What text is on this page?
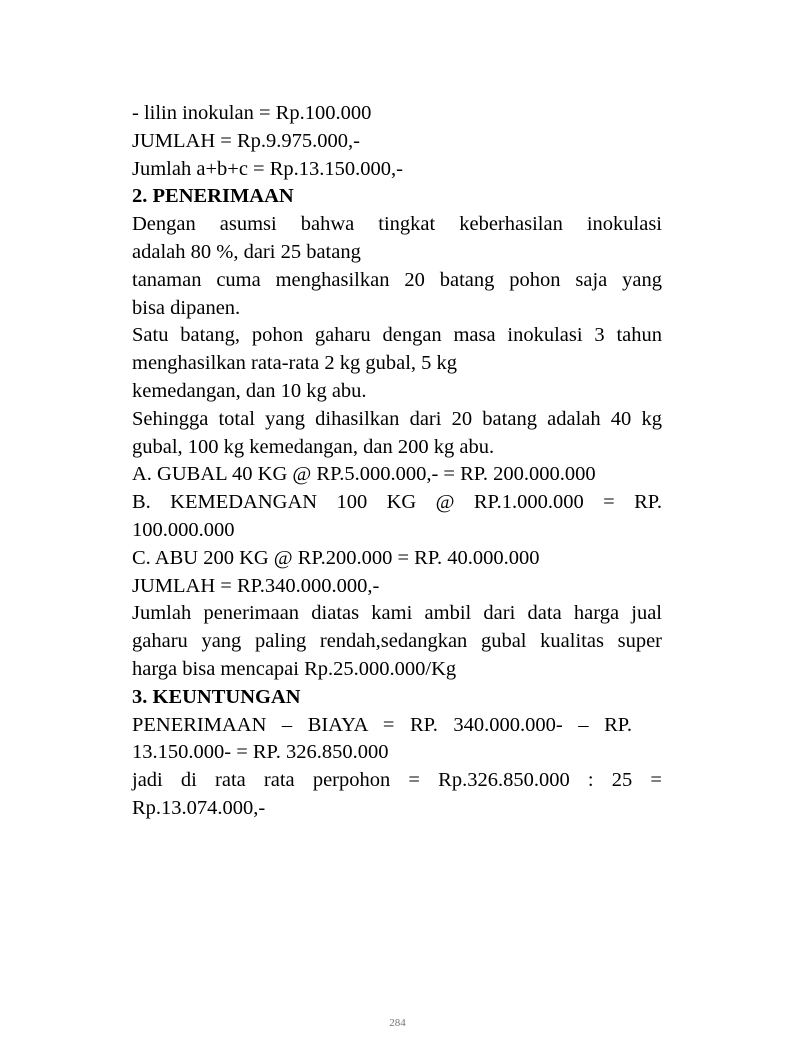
- lilin inokulan = Rp.100.000
JUMLAH = Rp.9.975.000,-
Jumlah a+b+c = Rp.13.150.000,-
2. PENERIMAAN
Dengan asumsi bahwa tingkat keberhasilan inokulasi
adalah 80 %, dari 25 batang
tanaman cuma menghasilkan 20 batang pohon saja yang
bisa dipanen.
Satu batang, pohon gaharu dengan masa inokulasi 3 tahun
menghasilkan rata-rata 2 kg gubal, 5 kg
kemedangan, dan 10 kg abu.
Sehingga total yang dihasilkan dari 20 batang adalah 40 kg
gubal, 100 kg kemedangan, dan 200 kg abu.
A. GUBAL 40 KG @ RP.5.000.000,- = RP. 200.000.000
B. KEMEDANGAN 100 KG @ RP.1.000.000 = RP.
100.000.000
C. ABU 200 KG @ RP.200.000 = RP. 40.000.000
JUMLAH = RP.340.000.000,-
Jumlah penerimaan diatas kami ambil dari data harga jual
gaharu yang paling rendah,sedangkan gubal kualitas super
harga bisa mencapai Rp.25.000.000/Kg
3. KEUNTUNGAN
PENERIMAAN – BIAYA = RP. 340.000.000- – RP.
13.150.000- = RP. 326.850.000
jadi di rata rata perpohon = Rp.326.850.000 : 25 =
Rp.13.074.000,-
284
